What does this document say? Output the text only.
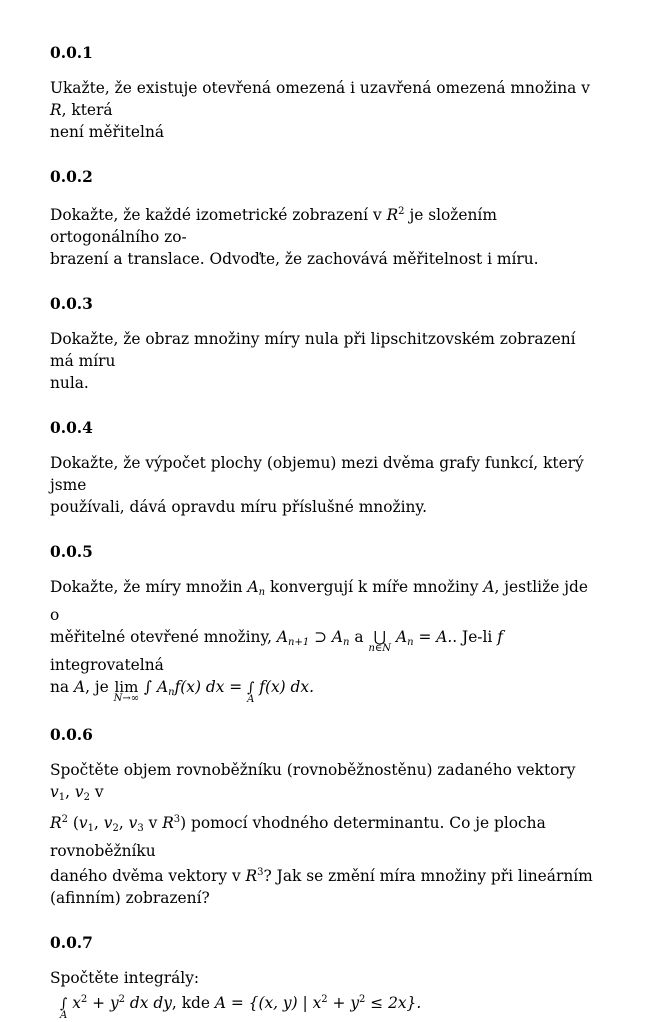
0.0.1

Ukažte, že existuje otevřená omezená i uzavřená omezená množina v R, která
není měřitelná

0.0.2

Dokažte, že každé izometrické zobrazení v $R^2$ je složením ortogonálního zo-
brazení a translace. Odvoďte, že zachovává měřitelnost i míru.

0.0.3

Dokažte, že obraz množiny míry nula při lipschitzovském zobrazení má míru
nula.

0.0.4

Dokažte, že výpočet plochy (objemu) mezi dvěma grafy funkcí, který jsme
používali, dává opravdu míru příslušné množiny.

0.0.5

Dokažte, že míry množin $A_n$ konvergují k míře množiny A, jestliže jde o
měřitelné otevřené množiny, $A_{n+1}$ ⊃ $A_n$ a ⋃
n∈N
$A_n = A$.. Je-li f integrovatelná
na A, je lim
N→∞
∫ $A_nf(x)$ dx = ∫
A
f(x) dx.

0.0.6

Spočtěte objem rovnoběžníku (rovnoběžnostěnu) zadaného vektory $v_1$, $v_2$ v
$R^2$ ($v_1$, $v_2$, $v_3$ v $R^3$) pomocí vhodného determinantu. Co je plocha rovnoběžníku
daného dvěma vektory v $R^3$? Jak se změní míra množiny při lineárním
(afinním) zobrazení?

0.0.7

Spočtěte integrály:

∫
A
$x^2 + y^2$ dx dy, kde A = {(x, y) | $x^2 + y^2 \le 2x$}.
